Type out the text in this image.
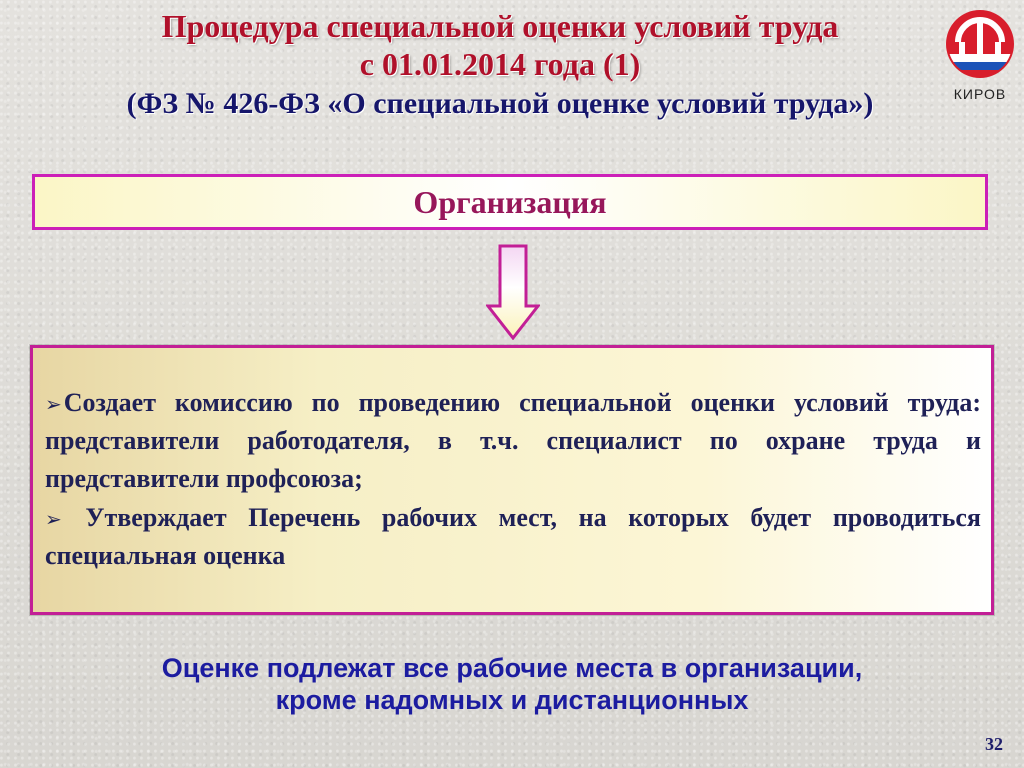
Процедура специальной оценки условий труда
с 01.01.2014 года (1)
(ФЗ № 426-ФЗ «О специальной оценке условий труда»)	КИРОВ
Организация

➢Создает комиссию по проведению специальной оценки условий труда: представители работодателя, в т.ч. специалист по охране труда и представители профсоюза;

➢ Утверждает Перечень рабочих мест, на которых будет проводиться специальная оценка

Оценке подлежат все рабочие места в организации,
кроме надомных и дистанционных
32
